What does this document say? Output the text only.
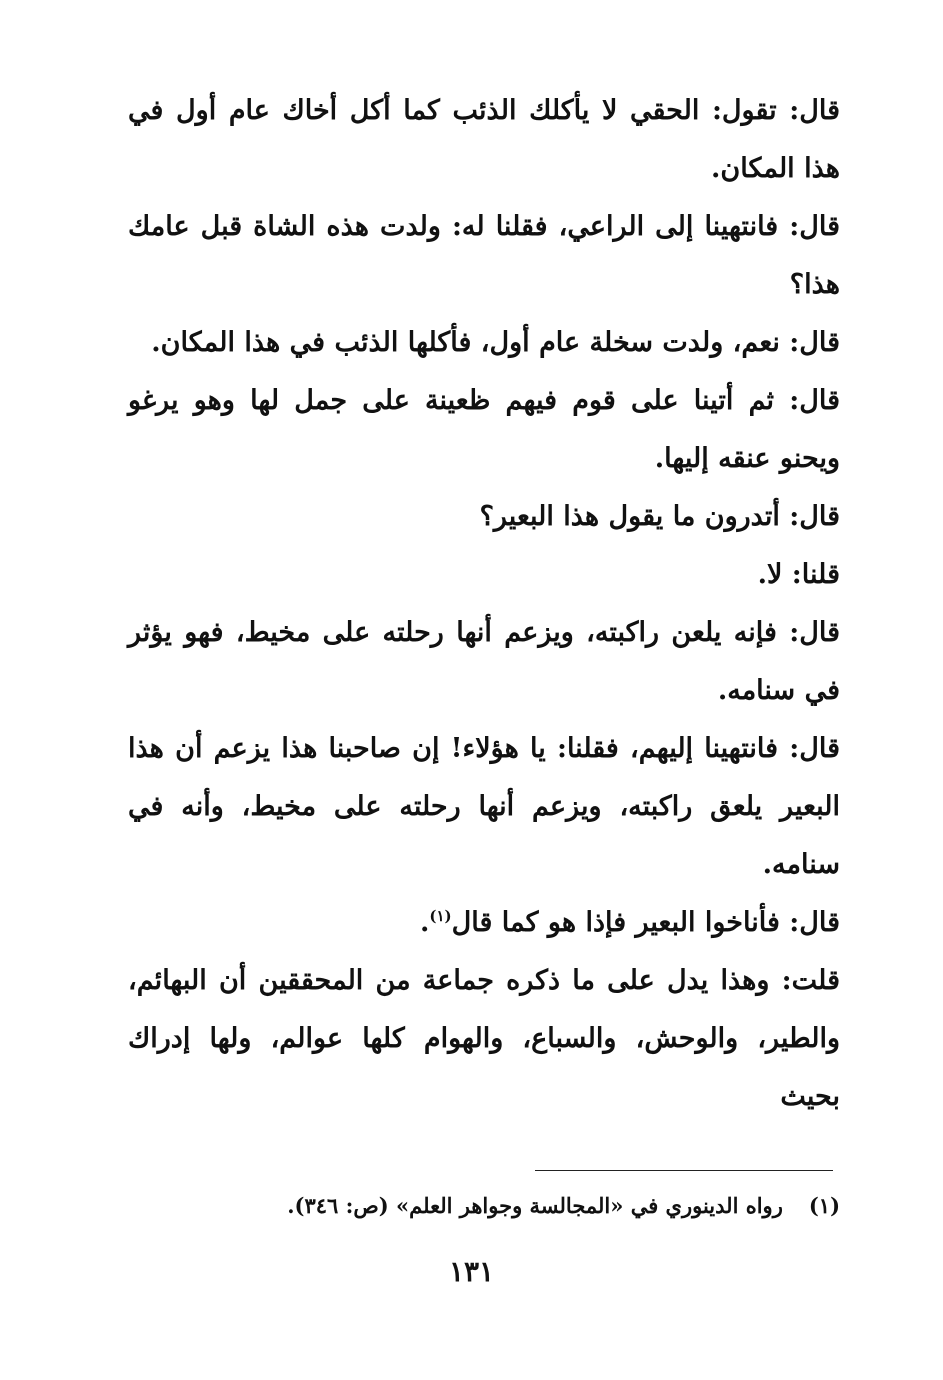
قال: تقول: الحقي لا يأكلك الذئب كما أكل أخاك عام أول في هذا المكان.

قال: فانتهينا إلى الراعي، فقلنا له: ولدت هذه الشاة قبل عامك هذا؟

قال: نعم، ولدت سخلة عام أول، فأكلها الذئب في هذا المكان.

قال: ثم أتينا على قوم فيهم ظعينة على جمل لها وهو يرغو ويحنو عنقه إليها.

قال: أتدرون ما يقول هذا البعير؟

قلنا: لا.

قال: فإنه يلعن راكبته، ويزعم أنها رحلته على مخيط، فهو يؤثر في سنامه.

قال: فانتهينا إليهم، فقلنا: يا هؤلاء! إن صاحبنا هذا يزعم أن هذا البعير يلعق راكبته، ويزعم أنها رحلته على مخيط، وأنه في سنامه.

قال: فأناخوا البعير فإذا هو كما قال$^{(١)}$.

قلت: وهذا يدل على ما ذكره جماعة من المحققين أن البهائم، والطير، والوحش، والسباع، والهوام كلها عوالم، ولها إدراك بحيث

(١)رواه الدينوري في «المجالسة وجواهر العلم» (ص: ٣٤٦).
١٣١
